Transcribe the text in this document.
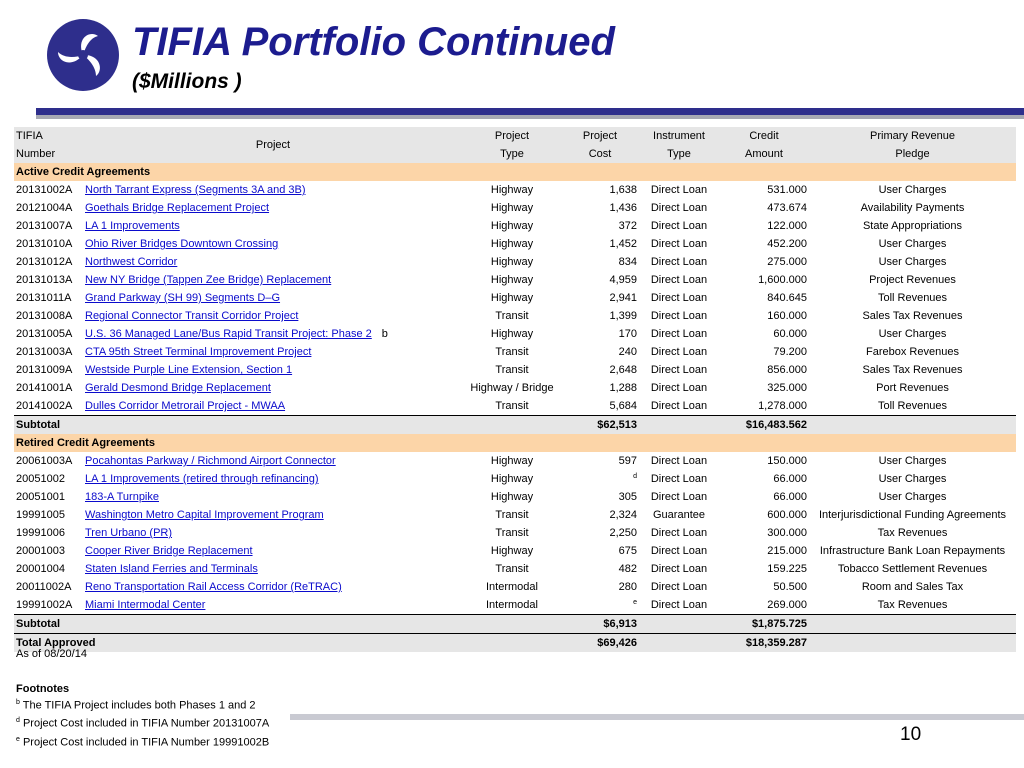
TIFIA Portfolio Continued
($Millions )
TIFIA	Project	Project	Project	Instrument	Credit	Primary Revenue
Number		Type	Cost	Type	Amount	Pledge
Active Credit Agreements						
20131002A	North Tarrant Express (Segments 3A and 3B)	Highway	1,638	Direct Loan	531.000	User Charges
20121004A	Goethals Bridge Replacement Project	Highway	1,436	Direct Loan	473.674	Availability Payments
20131007A	LA 1 Improvements	Highway	372	Direct Loan	122.000	State Appropriations
20131010A	Ohio River Bridges Downtown Crossing	Highway	1,452	Direct Loan	452.200	User Charges
20131012A	Northwest Corridor	Highway	834	Direct Loan	275.000	User Charges
20131013A	New NY Bridge (Tappen Zee Bridge) Replacement	Highway	4,959	Direct Loan	1,600.000	Project Revenues
20131011A	Grand Parkway (SH 99) Segments D–G	Highway	2,941	Direct Loan	840.645	Toll Revenues
20131008A	Regional Connector Transit Corridor Project	Transit	1,399	Direct Loan	160.000	Sales Tax Revenues
20131005A	U.S. 36 Managed Lane/Bus Rapid Transit Project: Phase 2 b	Highway	170	Direct Loan	60.000	User Charges
20131003A	CTA 95th Street Terminal Improvement Project	Transit	240	Direct Loan	79.200	Farebox Revenues
20131009A	Westside Purple Line Extension, Section 1	Transit	2,648	Direct Loan	856.000	Sales Tax Revenues
20141001A	Gerald Desmond Bridge Replacement	Highway / Bridge	1,288	Direct Loan	325.000	Port Revenues
20141002A	Dulles Corridor Metrorail Project - MWAA	Transit	5,684	Direct Loan	1,278.000	Toll Revenues
Subtotal			$62,513		$16,483.562	
Retired Credit Agreements						
20061003A	Pocahontas Parkway / Richmond Airport Connector	Highway	597	Direct Loan	150.000	User Charges
20051002	LA 1 Improvements (retired through refinancing)	Highway	$^d$	Direct Loan	66.000	User Charges
20051001	183-A Turnpike	Highway	305	Direct Loan	66.000	User Charges
19991005	Washington Metro Capital Improvement Program	Transit	2,324	Guarantee	600.000	Interjurisdictional Funding Agreements
19991006	Tren Urbano (PR)	Transit	2,250	Direct Loan	300.000	Tax Revenues
20001003	Cooper River Bridge Replacement	Highway	675	Direct Loan	215.000	Infrastructure Bank Loan Repayments
20001004	Staten Island Ferries and Terminals	Transit	482	Direct Loan	159.225	Tobacco Settlement Revenues
20011002A	Reno Transportation Rail Access Corridor (ReTRAC)	Intermodal	280	Direct Loan	50.500	Room and Sales Tax
19991002A	Miami Intermodal Center	Intermodal	$^e$	Direct Loan	269.000	Tax Revenues
Subtotal			$6,913		$1,875.725	
Total Approved			$69,426		$18,359.287	
As of 08/20/14
Footnotes
$^b$ The TIFIA Project includes both Phases 1 and 2
$^d$ Project Cost included in TIFIA Number 20131007A
$^e$ Project Cost included in TIFIA Number 19991002B	10
